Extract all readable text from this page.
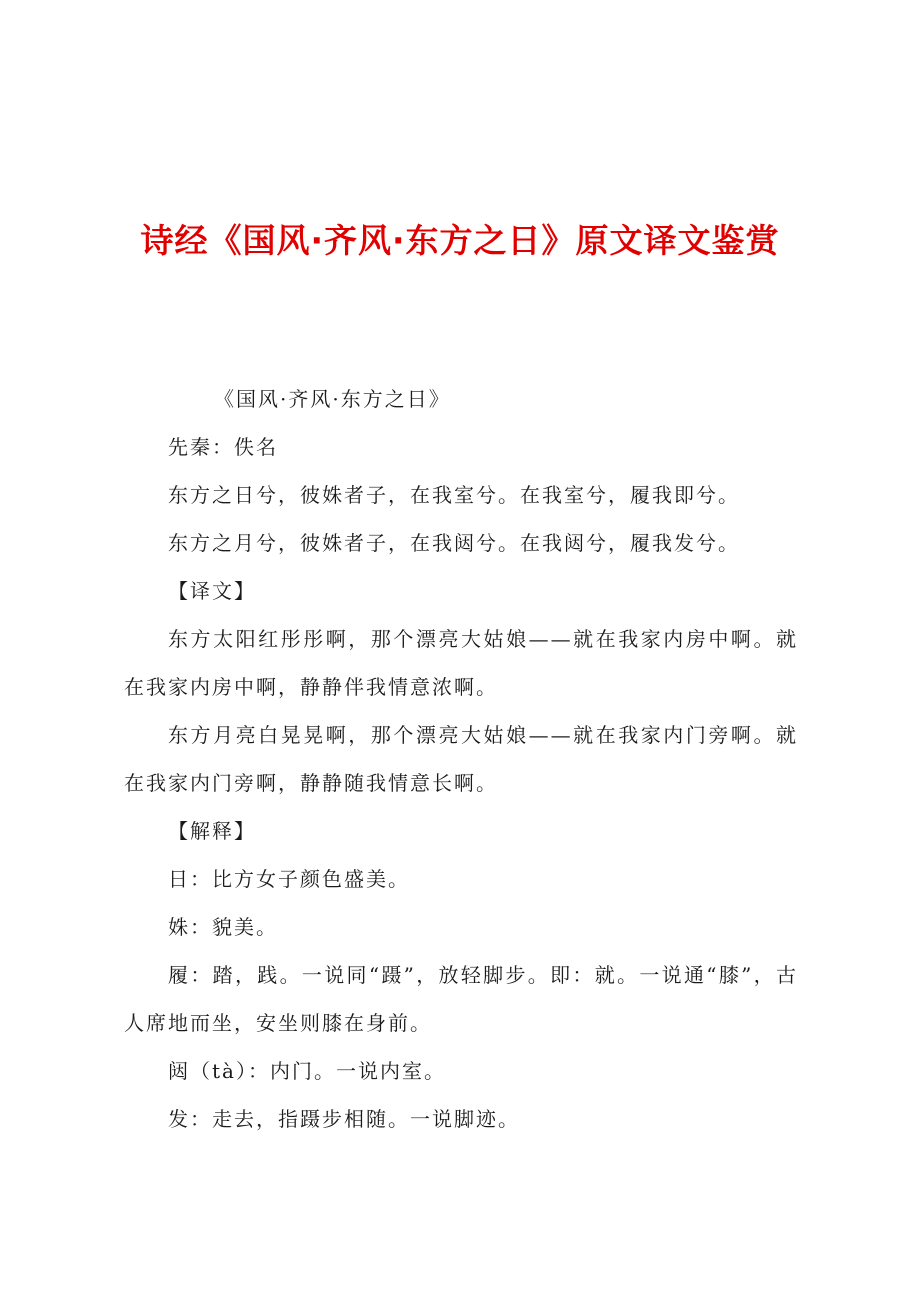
诗经《国风·齐风·东方之日》原文译文鉴赏

《国风·齐风·东方之日》

先秦：佚名

东方之日兮，彼姝者子，在我室兮。在我室兮，履我即兮。

东方之月兮，彼姝者子，在我闼兮。在我闼兮，履我发兮。

【译文】

东方太阳红彤彤啊，那个漂亮大姑娘——就在我家内房中啊。就在我家内房中啊，静静伴我情意浓啊。

东方月亮白晃晃啊，那个漂亮大姑娘——就在我家内门旁啊。就在我家内门旁啊，静静随我情意长啊。

【解释】

日：比方女子颜色盛美。

姝：貌美。

履：踏，践。一说同“蹑”，放轻脚步。即：就。一说通“膝”，古人席地而坐，安坐则膝在身前。

闼（tà）：内门。一说内室。

发：走去，指蹑步相随。一说脚迹。
